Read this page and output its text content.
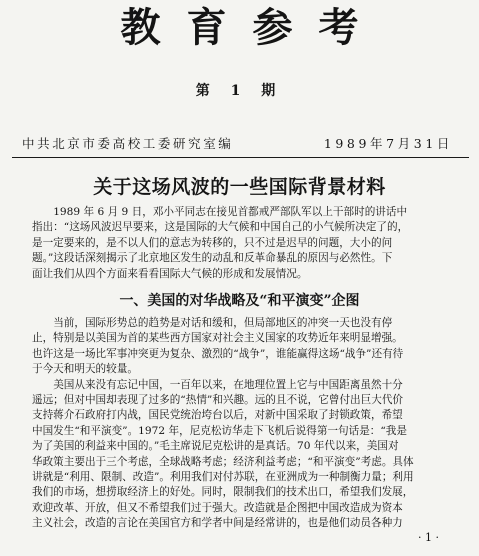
教育参考
第 1 期
中共北京市委高校工委研究室编	1989年7月31日
关于这场风波的一些国际背景材料
1989 年 6 月 9 日，邓小平同志在接见首都戒严部队军以上干部时的讲话中
指出：“这场风波迟早要来，这是国际的大气候和中国自己的小气候所决定了的，
是一定要来的，是不以人们的意志为转移的，只不过是迟早的问题，大小的问
题。”这段话深刻揭示了北京地区发生的动乱和反革命暴乱的原因与必然性。下
面让我们从四个方面来看看国际大气候的形成和发展情况。
一、美国的对华战略及“和平演变”企图
当前，国际形势总的趋势是对话和缓和，但局部地区的冲突一天也没有停
止，特别是以美国为首的某些西方国家对社会主义国家的攻势近年来明显增强。
也许这是一场比军事冲突更为复杂、激烈的“战争”，谁能赢得这场“战争”还有待
于今天和明天的较量。
美国从来没有忘记中国，一百年以来，在地理位置上它与中国距离虽然十分
遥远；但对中国却表现了过多的“热情”和兴趣。远的且不说，它曾付出巨大代价
支持蒋介石政府打内战，国民党统治垮台以后，对新中国采取了封锁政策，希望
中国发生“和平演变”。1972 年，尼克松访华走下飞机后说得第一句话是：“我是
为了美国的利益来中国的。”毛主席说尼克松讲的是真话。70 年代以来，美国对
华政策主要出于三个考虑，全球战略考虑；经济利益考虑；“和平演变”考虑。具体
讲就是“利用、限制、改造”。利用我们对付苏联，在亚洲成为一种制衡力量；利用
我们的市场，想捞取经济上的好处。同时，限制我们的技术出口，希望我们发展，
欢迎改革、开放，但又不希望我们过于强大。改造就是企图把中国改造成为资本
主义社会，改造的言论在美国官方和学者中间是经常讲的，也是他们动员各种力
· 1 ·
